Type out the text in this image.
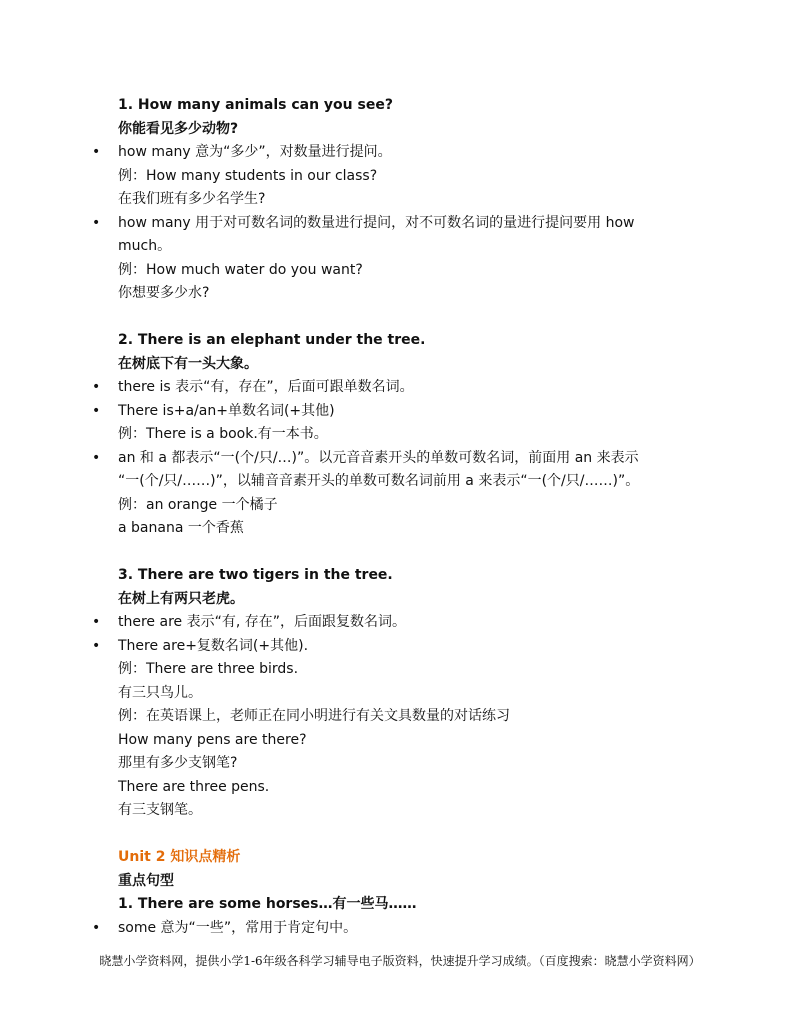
1. How many animals can you see?
你能看见多少动物?
• how many 意为“多少”，对数量进行提问。
例：How many students in our class?
在我们班有多少名学生?
• how many 用于对可数名词的数量进行提问，对不可数名词的量进行提问要用 how
much。
例：How much water do you want?
你想要多少水?
2. There is an elephant under the tree.
在树底下有一头大象。
• there is 表示“有，存在”，后面可跟单数名词。
• There is+a/an+单数名词(+其他)
例：There is a book.有一本书。
• an 和 a 都表示“一(个/只/…)”。以元音音素开头的单数可数名词，前面用 an 来表示
“一(个/只/……)”，以辅音音素开头的单数可数名词前用 a 来表示“一(个/只/……)”。
例：an orange 一个橘子
a banana 一个香蕉
3. There are two tigers in the tree.
在树上有两只老虎。
• there are 表示“有, 存在”，后面跟复数名词。
• There are+复数名词(+其他).
例：There are three birds.
有三只鸟儿。
例：在英语课上，老师正在同小明进行有关文具数量的对话练习
How many pens are there?
那里有多少支钢笔?
There are three pens.
有三支钢笔。
Unit 2 知识点精析
重点句型
1. There are some horses…有一些马……
• some 意为“一些”，常用于肯定句中。
晓慧小学资料网，提供小学1-6年级各科学习辅导电子版资料，快速提升学习成绩。（百度搜索：晓慧小学资料网）
